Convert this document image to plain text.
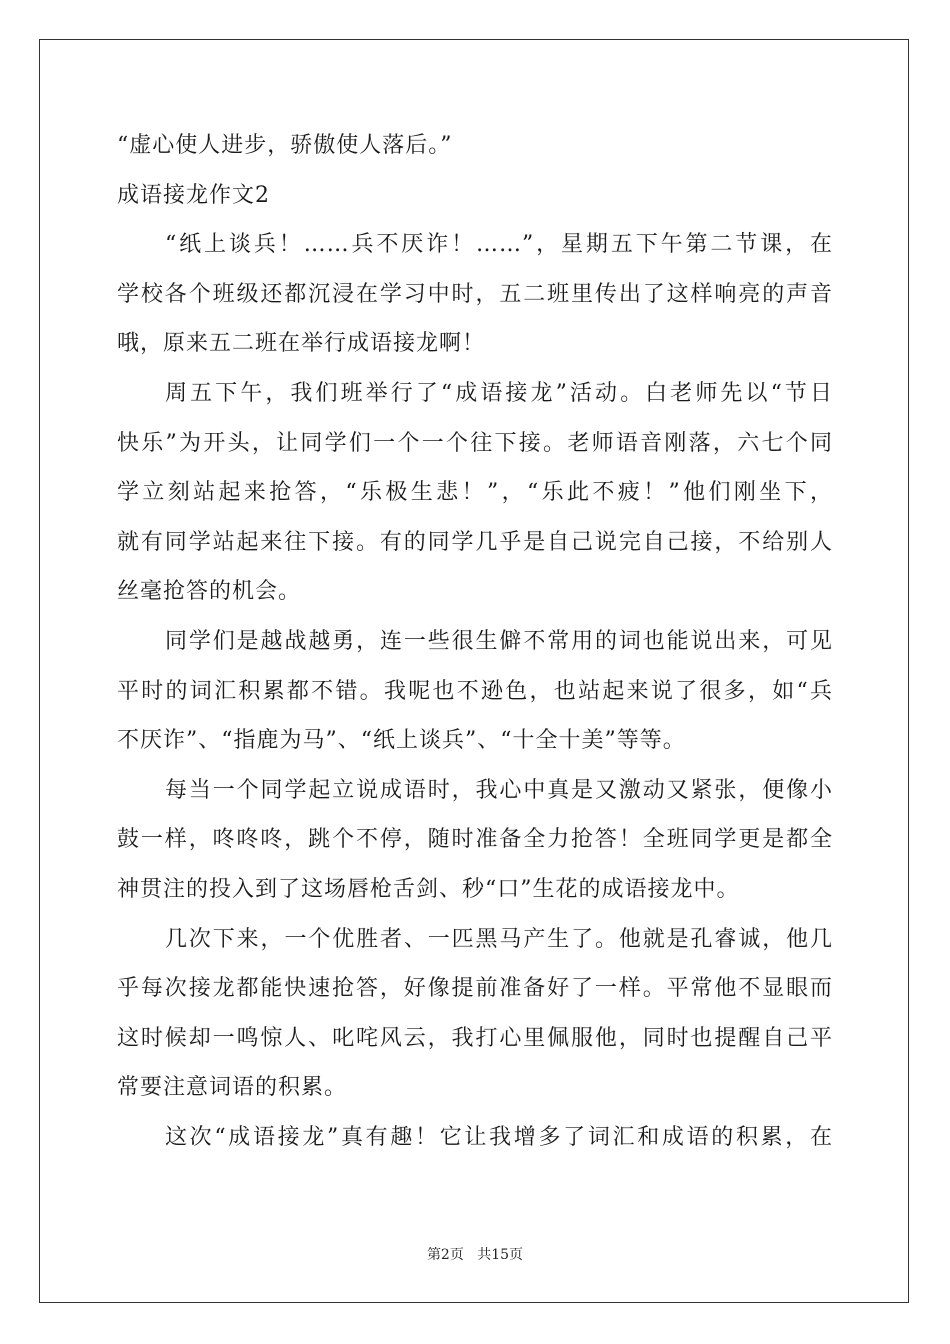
“虚心使人进步，骄傲使人落后。”
成语接龙作文2
“纸上谈兵！……兵不厌诈！……”，星期五下午第二节课，在
学校各个班级还都沉浸在学习中时，五二班里传出了这样响亮的声音
哦，原来五二班在举行成语接龙啊！
周五下午，我们班举行了“成语接龙”活动。白老师先以“节日
快乐”为开头，让同学们一个一个往下接。老师语音刚落，六七个同
学立刻站起来抢答，“乐极生悲！”，“乐此不疲！”他们刚坐下，
就有同学站起来往下接。有的同学几乎是自己说完自己接，不给别人
丝毫抢答的机会。
同学们是越战越勇，连一些很生僻不常用的词也能说出来，可见
平时的词汇积累都不错。我呢也不逊色，也站起来说了很多，如“兵
不厌诈”、“指鹿为马”、“纸上谈兵”、“十全十美”等等。
每当一个同学起立说成语时，我心中真是又激动又紧张，便像小
鼓一样，咚咚咚，跳个不停，随时准备全力抢答！全班同学更是都全
神贯注的投入到了这场唇枪舌剑、秒“口”生花的成语接龙中。
几次下来，一个优胜者、一匹黑马产生了。他就是孔睿诚，他几
乎每次接龙都能快速抢答，好像提前准备好了一样。平常他不显眼而
这时候却一鸣惊人、叱咤风云，我打心里佩服他，同时也提醒自己平
常要注意词语的积累。
这次“成语接龙”真有趣！它让我增多了词汇和成语的积累，在
第2页 共15页
